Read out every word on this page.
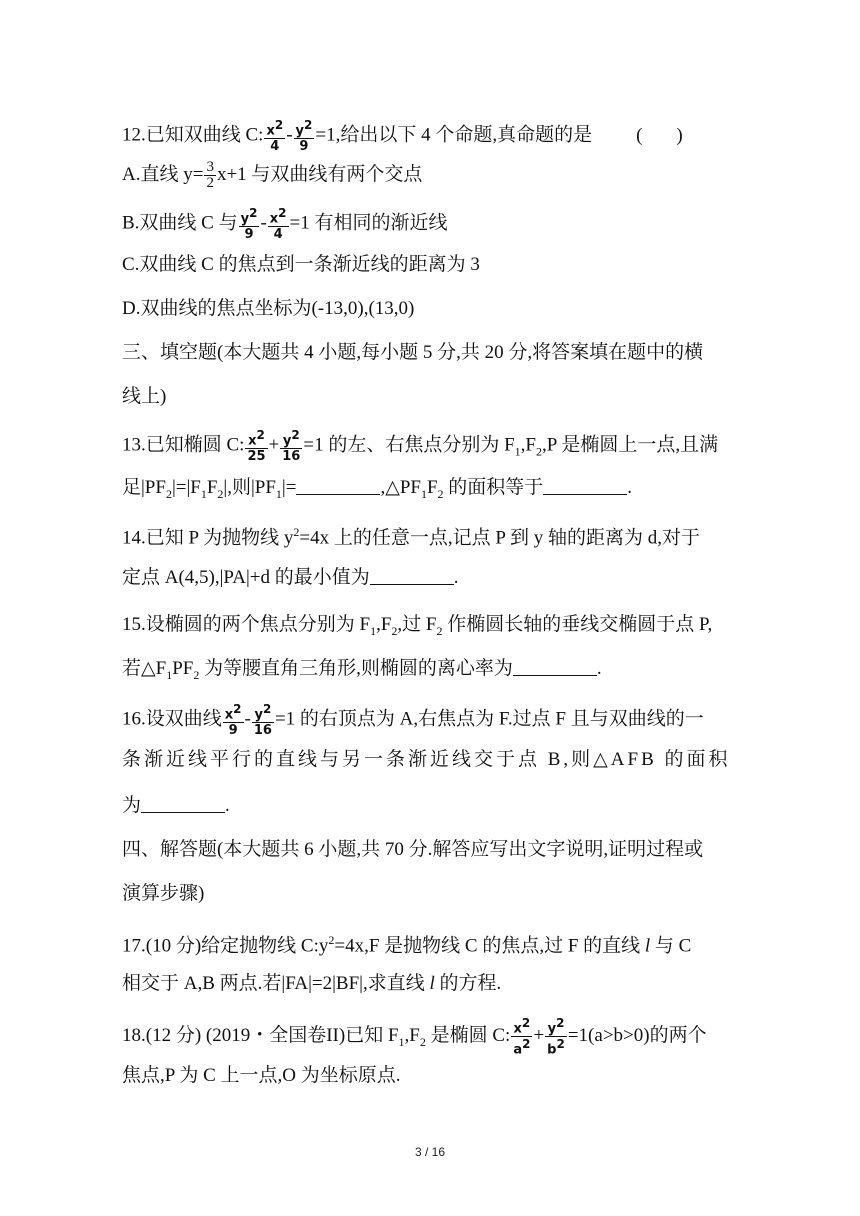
12.已知双曲线 C: $\frac{x^2}{4} - \frac{y^2}{9} =1$,给出以下 4 个命题,真命题的是 ( )
A.直线 $y= \frac{3}{2} x+1$ 与双曲线有两个交点
B.双曲线 C 与 $\frac{y^2}{9} - \frac{x^2}{4} =1$ 有相同的渐近线
C.双曲线 C 的焦点到一条渐近线的距离为 3
D.双曲线的焦点坐标为(-13,0),(13,0)
三、填空题(本大题共 4 小题,每小题 5 分,共 20 分,将答案填在题中的横
线上)
13.已知椭圆 C: $\frac{x^2}{25} + \frac{y^2}{16} =1$ 的左、右焦点分别为 $F_1,F_2,P$ 是椭圆上一点,且满
足$|PF_2|=|F_1F_2|$,则$|PF_1|=$	$,\triangle PF_1F_2$ 的面积等于	.
14.已知 P 为抛物线 $y^2=4x$ 上的任意一点,记点 P 到 y 轴的距离为 d,对于
定点 A(4,5),|PA|+d 的最小值为	.
15.设椭圆的两个焦点分别为 $F_1,F_2$,过 $F_2$ 作椭圆长轴的垂线交椭圆于点 P,
若$\triangle F_1PF_2$ 为等腰直角三角形,则椭圆的离心率为	.
16.设双曲线 $\frac{x^2}{9} - \frac{y^2}{16} =1$ 的右顶点为 A,右焦点为 F.过点 F 且与双曲线的一
条渐近线平行的直线与另一条渐近线交于点 B,则△AFB 的面积
为	.
四、解答题(本大题共 6 小题,共 70 分.解答应写出文字说明,证明过程或
演算步骤)
17.(10 分)给定抛物线 $C:y^2=4x,F$ 是抛物线 C 的焦点,过 F 的直线 l 与 C
相交于 A,B 两点.若|FA|=2|BF|,求直线 l 的方程.
18.(12 分) (2019・全国卷II)已知 $F_1,F_2$ 是椭圆 C: $\frac{x^2}{a^2} + \frac{y^2}{b^2} =1(a>b>0)$的两个
焦点,P 为 C 上一点,O 为坐标原点.
3 / 16
